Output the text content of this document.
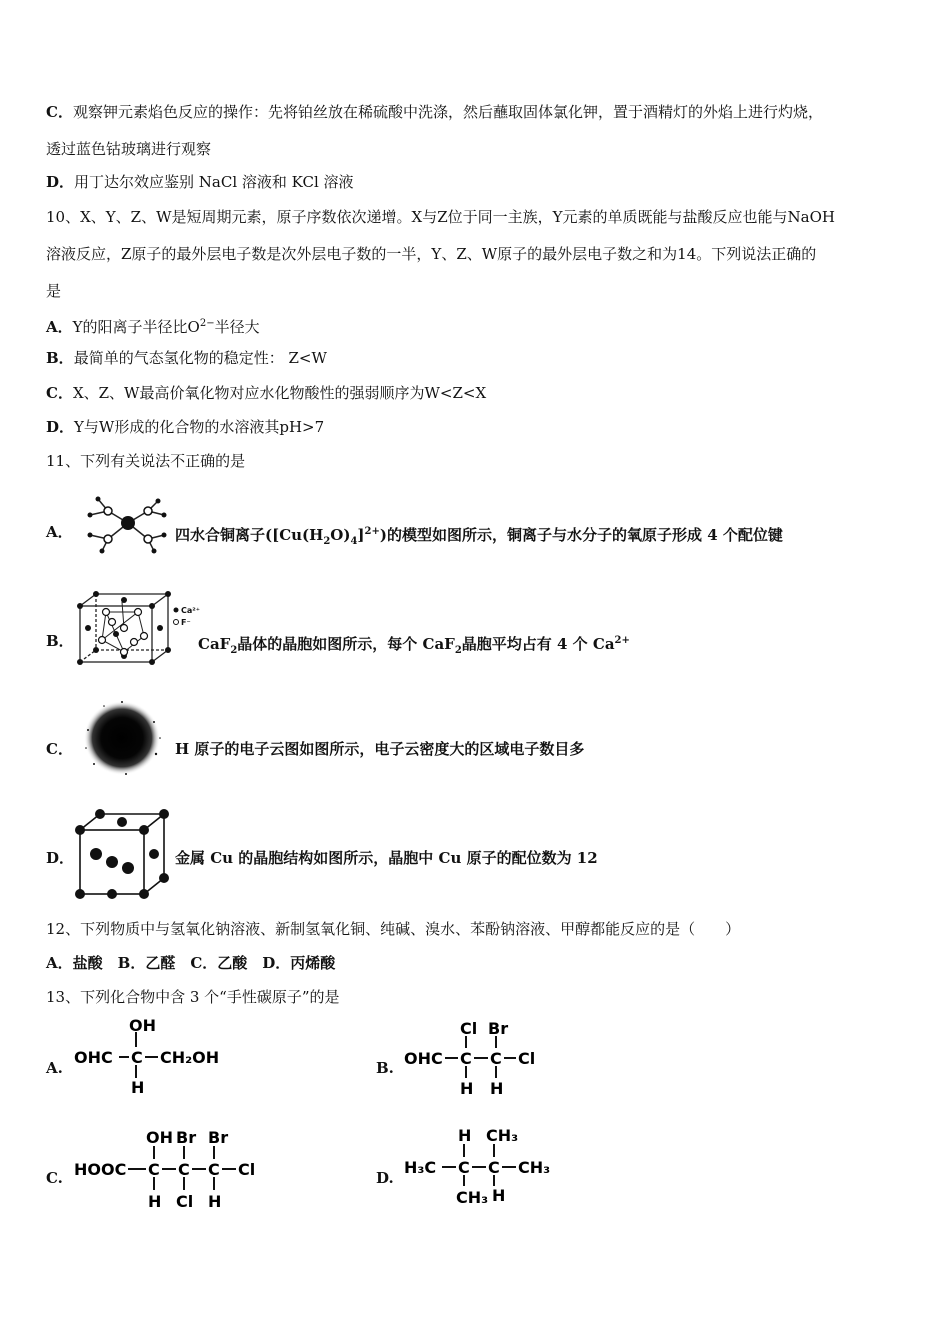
C．观察钾元素焰色反应的操作：先将铂丝放在稀硫酸中洗涤，然后蘸取固体氯化钾，置于酒精灯的外焰上进行灼烧，
透过蓝色钴玻璃进行观察
D．用丁达尔效应鉴别 NaCl 溶液和 KCl 溶液
10、X、Y、Z、W是短周期元素，原子序数依次递增。X与Z位于同一主族，Y元素的单质既能与盐酸反应也能与NaOH
溶液反应，Z原子的最外层电子数是次外层电子数的一半，Y、Z、W原子的最外层电子数之和为14。下列说法正确的
是
A．Y的阳离子半径比$O^{2-}$半径大
B．最简单的气态氢化物的稳定性： Z<W
C．X、Z、W最高价氧化物对应水化物酸性的强弱顺序为W<Z<X
D．Y与W形成的化合物的水溶液其pH>7
11、下列有关说法不正确的是
A．	四水合铜离子$([Cu(H_2O)_4]^{2+})$的模型如图所示，铜离子与水分子的氧原子形成 4 个配位键
B．
Ca²⁺
F⁻
CaF$_2$晶体的晶胞如图所示，每个 CaF$_2$晶胞平均占有 4 个 $Ca^{2+}$
C．	H 原子的电子云图如图所示，电子云密度大的区域电子数目多
D．	金属 Cu 的晶胞结构如图所示，晶胞中 Cu 原子的配位数为 12
12、下列物质中与氢氧化钠溶液、新制氢氧化铜、纯碱、溴水、苯酚钠溶液、甲醇都能反应的是（　　）
A．盐酸　B．乙醛　C．乙酸　D．丙烯酸
13、下列化合物中含 3 个“手性碳原子”的是
A.
OHC C CH₂OH
OH
H
B. OHC C C Cl
Cl Br
H H
C. HOOC C C C Cl
OH Br Br
H Cl H
D.
H₃C C C CH₃
H CH₃
CH₃ H
